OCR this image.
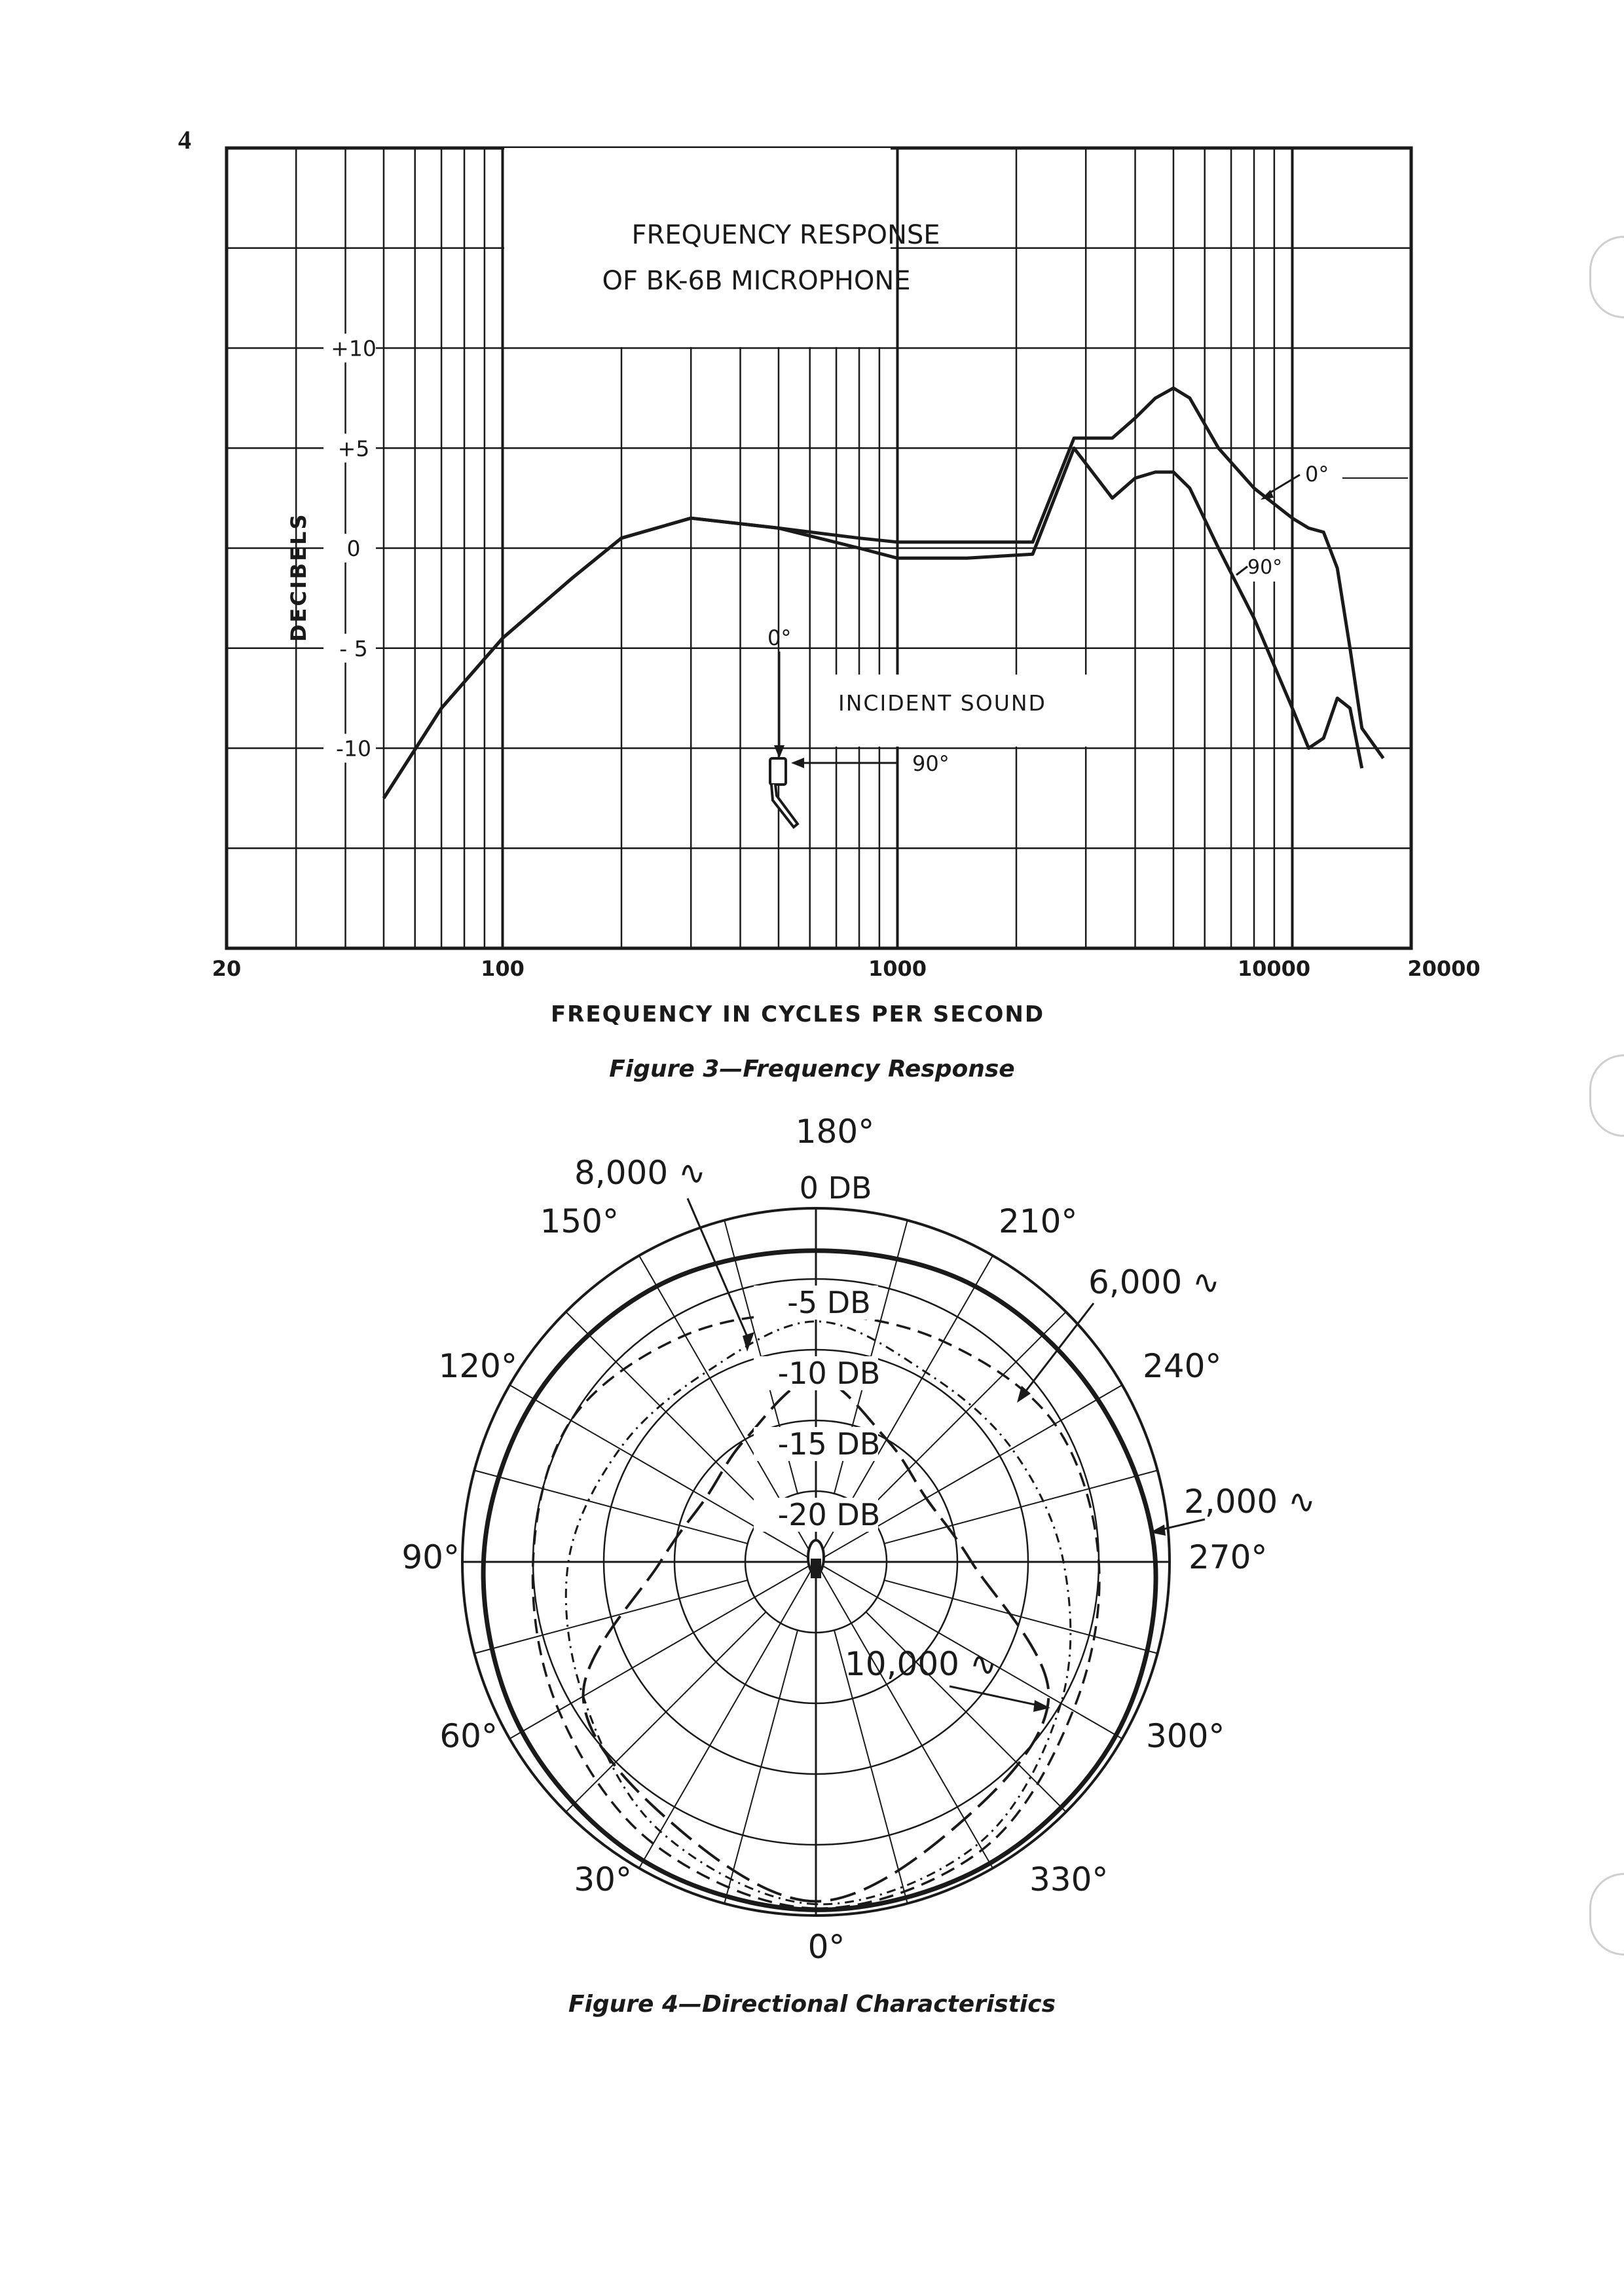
4
FREQUENCY RESPONSE
OF BK-6B MICROPHONE
DECIBELS
+10
+5
0
- 5
-10
20	100	1000	10000	20000
FREQUENCY IN CYCLES PER SECOND
INCIDENT SOUND
0°
90°
0°
90°
Figure 3—Frequency Response
180°
210°
240°
270°
300°
330°
0°
30°
60°
90°
120°
150°
0 DB
-5 DB
-10 DB
-15 DB
-20 DB
8,000 ∿
6,000 ∿
2,000 ∿
10,000 ∿
Figure 4—Directional Characteristics
